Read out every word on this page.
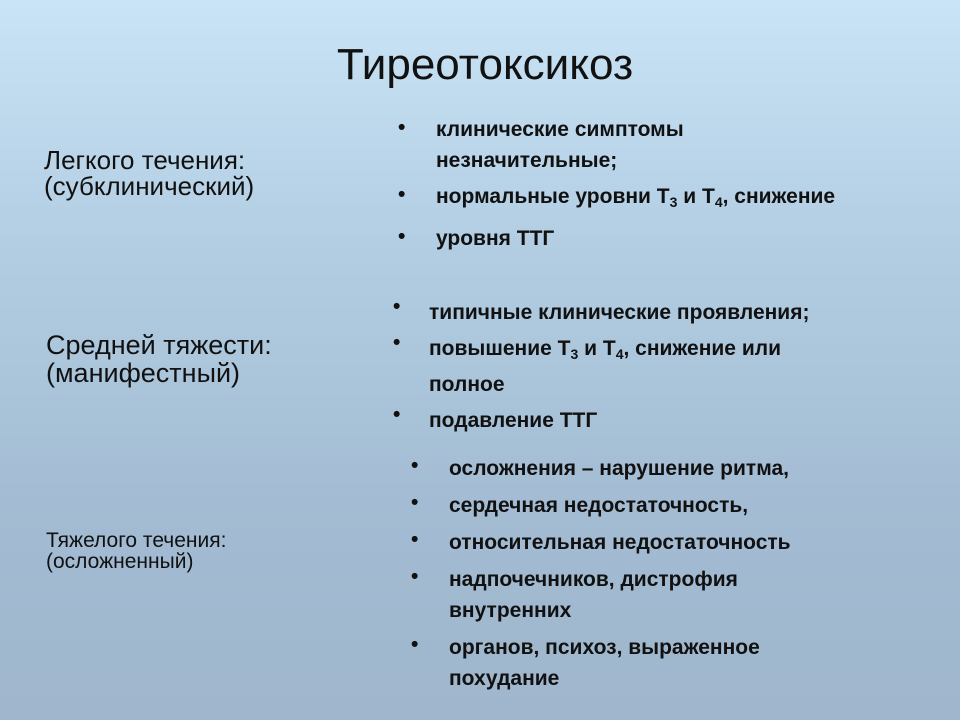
Тиреотоксикоз
Легкого течения:
(субклинический)
Средней тяжести:
(манифестный)
Тяжелого течения:
(осложненный)
• клинические симптомы
незначительные;
• нормальные уровни $Т_3$ и $Т_4$, снижение
• уровня ТТГ
• типичные клинические проявления;
• повышение $Т_3$ и $Т_4$, снижение или
полное
• подавление ТТГ
• осложнения – нарушение ритма,
• сердечная недостаточность,
• относительная недостаточность
• надпочечников, дистрофия
внутренних
• органов, психоз, выраженное
похудание
